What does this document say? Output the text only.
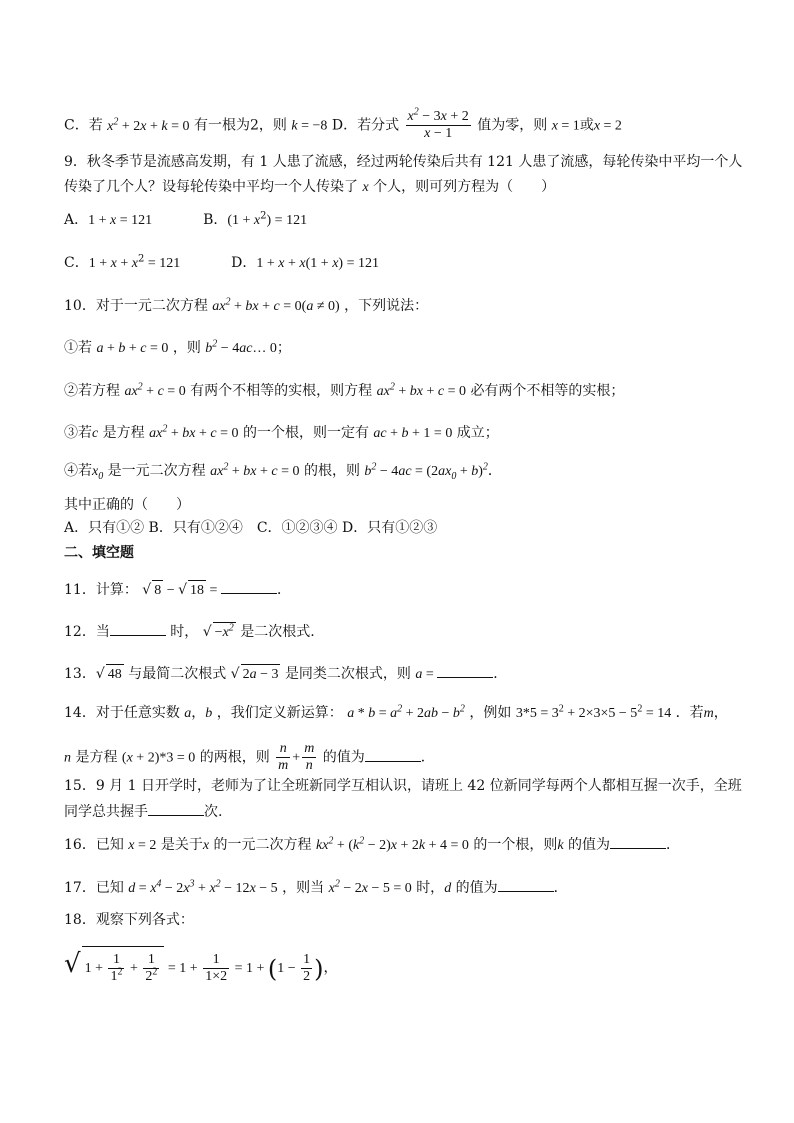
C．若 $x^2 + 2x + k = 0$ 有一根为2，则 k = −8 D．若分式 $\frac{x^2 - 3x + 2}{x - 1}$ 值为零，则 x = 1或x = 2
9．秋冬季节是流感高发期，有 1 人患了流感，经过两轮传染后共有 121 人患了流感，每轮传染中平均一个人
传染了几个人？设每轮传染中平均一个人传染了 x 个人，则可列方程为（　　）
A．1 + x = 121	B．$(1 + x^2) = 121$
C．$1 + x + x^2 = 121$	D．1 + x + x(1 + x) = 121
10．对于一元二次方程 $ax^2$ + bx + c = 0(a ≠ 0) ，下列说法：
①若 a + b + c = 0 ，则 $b^2$ − 4ac… 0；
②若方程 $ax^2 + c = 0$ 有两个不相等的实根，则方程 $ax^2$ + bx + c = 0 必有两个不相等的实根；
③若c 是方程 $ax^2$ + bx + c = 0 的一个根，则一定有 ac + b + 1 = 0 成立；
④若$x_0$ 是一元二次方程 $ax^2$ + bx + c = 0 的根，则 $b^2 - 4ac = (2ax_0 + b)^2$．
其中正确的（　　）
A．只有①② B．只有①②④　C．①②③④ D．只有①②③
二、填空题
11．计算： √ 8 − √ 18 =	．
12．当	时， √ $-x^2$ 是二次根式.
13．√ 48 与最简二次根式 √ 2a − 3 是同类二次根式，则 a =	．
14．对于任意实数 a，b ，我们定义新运算： $a * b = a^2 + 2ab - b^2$ ，例如 $3*5 = 3^2 + 2\times 3\times 5 - 5^2 = 14$ ．若m，
n 是方程 (x + 2)*3 = 0 的两根，则 $\frac{n}{m} + \frac{m}{n}$ 的值为	．
15．9 月 1 日开学时，老师为了让全班新同学互相认识，请班上 42 位新同学每两个人都相互握一次手，全班
同学总共握手	次.
16．已知 x = 2 是关于x 的一元二次方程 $kx^2 + (k^2 - 2)x + 2k + 4 = 0$ 的一个根，则k 的值为	．
17．已知 $d = x^4 - 2x^3 + x^2 - 12x - 5$ ，则当 $x^2 - 2x - 5 = 0$ 时，d 的值为	．
18．观察下列各式：
√ $1 + \frac{1}{1^2} + \frac{1}{2^2} = 1 + \frac{1}{1\times 2} = 1 + (1 - \frac{1}{2}$ )，
